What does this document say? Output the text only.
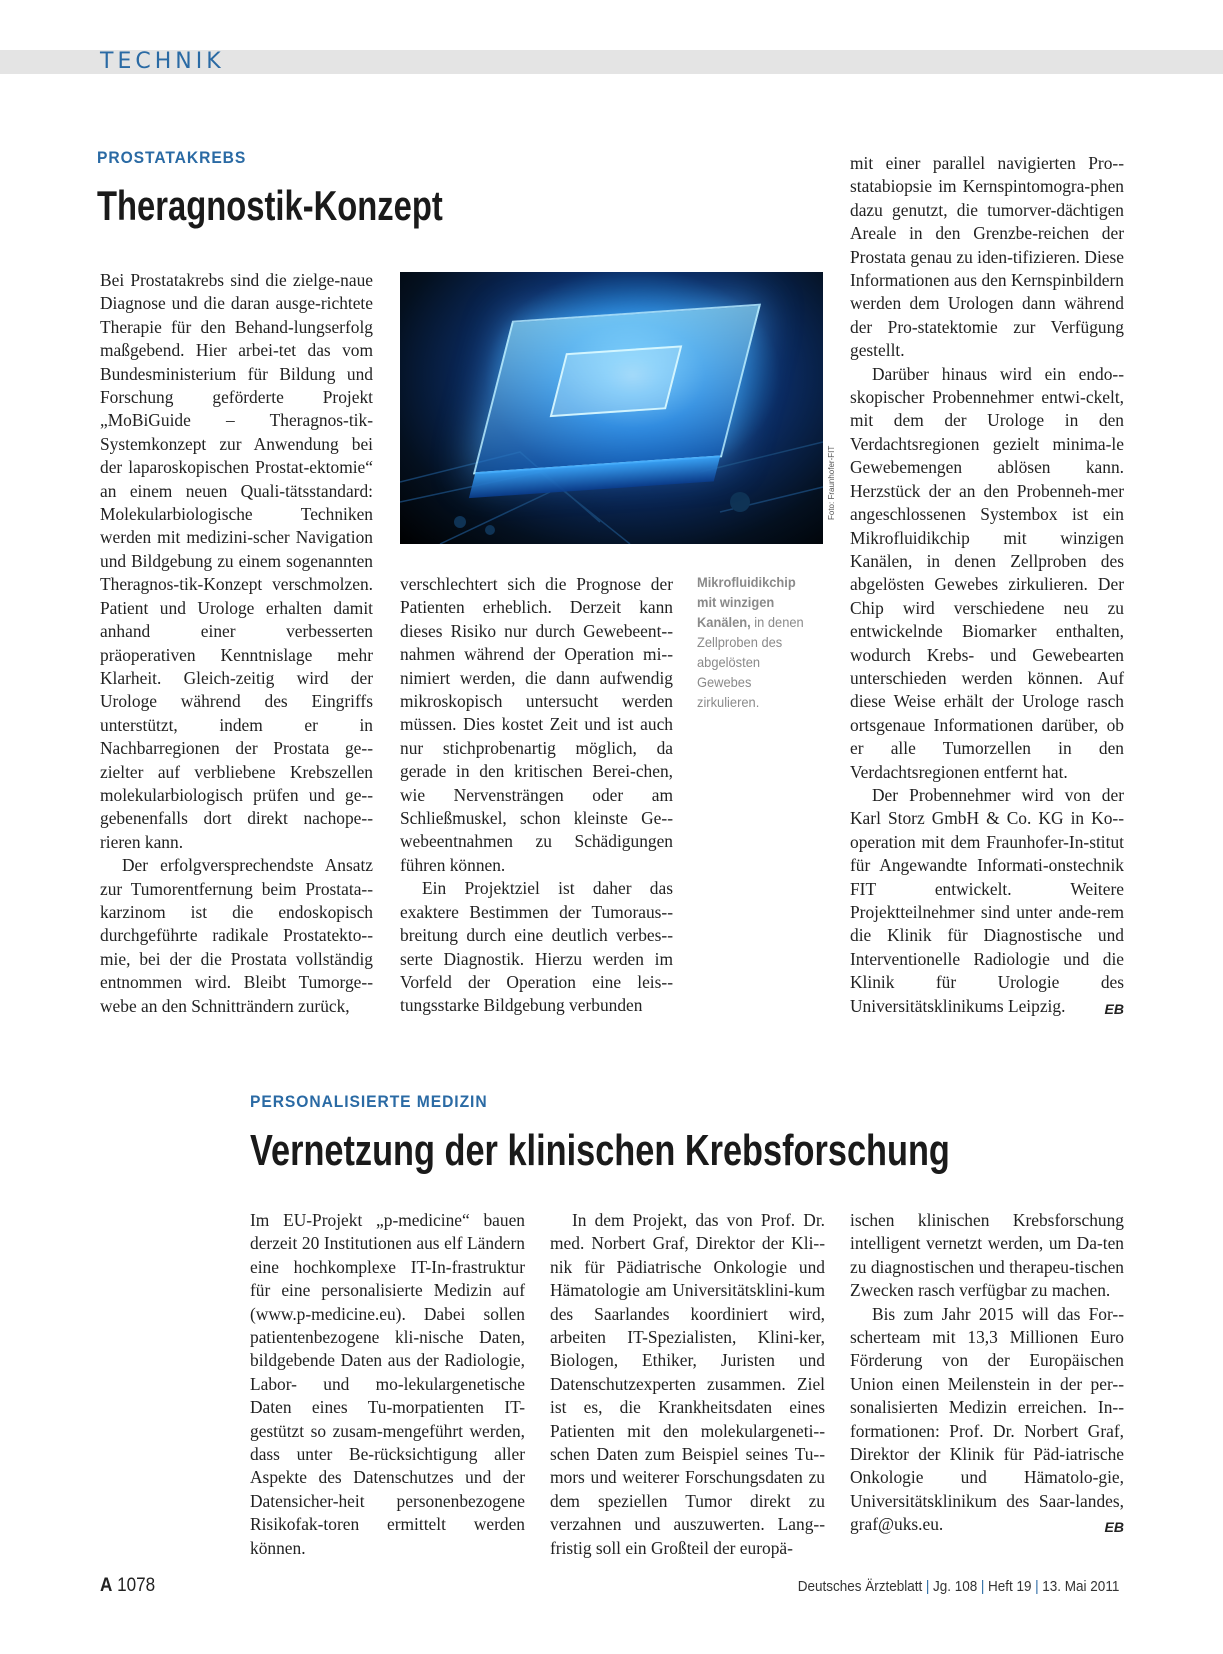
TECHNIK
PROSTATAKREBS
Theragnostik-Konzept

Bei Prostatakrebs sind die zielge-naue Diagnose und die daran ausge-richtete Therapie für den Behand-lungserfolg maßgebend. Hier arbei-tet das vom Bundesministerium für Bildung und Forschung geförderte Projekt „MoBiGuide – Theragnos-tik-Systemkonzept zur Anwendung bei der laparoskopischen Prostat-ektomie“ an einem neuen Quali-tätsstandard: Molekularbiologische Techniken werden mit medizini-scher Navigation und Bildgebung zu einem sogenannten Theragnos-tik-Konzept verschmolzen. Patient und Urologe erhalten damit anhand einer verbesserten präoperativen Kenntnislage mehr Klarheit. Gleich-zeitig wird der Urologe während des Eingriffs unterstützt, indem er in Nachbarregionen der Prostata ge-zielter auf verbliebene Krebszellen molekularbiologisch prüfen und ge-gebenenfalls dort direkt nachope-rieren kann.

Der erfolgversprechendste Ansatz zur Tumorentfernung beim Prostata-karzinom ist die endoskopisch durchgeführte radikale Prostatekto-mie, bei der die Prostata vollständig entnommen wird. Bleibt Tumorge-webe an den Schnitträndern zurück,

Foto: Fraunhofer-FIT

verschlechtert sich die Prognose der Patienten erheblich. Derzeit kann dieses Risiko nur durch Gewebeent-nahmen während der Operation mi-nimiert werden, die dann aufwendig mikroskopisch untersucht werden müssen. Dies kostet Zeit und ist auch nur stichprobenartig möglich, da gerade in den kritischen Berei-chen, wie Nervensträngen oder am Schließmuskel, schon kleinste Ge-webeentnahmen zu Schädigungen führen können.

Ein Projektziel ist daher das exaktere Bestimmen der Tumoraus-breitung durch eine deutlich verbes-serte Diagnostik. Hierzu werden im Vorfeld der Operation eine leis-tungsstarke Bildgebung verbunden

Mikrofluidikchip mit winzigen Kanälen, in denen Zellproben des abgelösten Gewebes zirkulieren.

mit einer parallel navigierten Pro-statabiopsie im Kernspintomogra-phen dazu genutzt, die tumorver-dächtigen Areale in den Grenzbe-reichen der Prostata genau zu iden-tifizieren. Diese Informationen aus den Kernspinbildern werden dem Urologen dann während der Pro-statektomie zur Verfügung gestellt.

Darüber hinaus wird ein endo-skopischer Probennehmer entwi-ckelt, mit dem der Urologe in den Verdachtsregionen gezielt minima-le Gewebemengen ablösen kann. Herzstück der an den Probenneh-mer angeschlossenen Systembox ist ein Mikrofluidikchip mit winzigen Kanälen, in denen Zellproben des abgelösten Gewebes zirkulieren. Der Chip wird verschiedene neu zu entwickelnde Biomarker enthalten, wodurch Krebs- und Gewebearten unterschieden werden können. Auf diese Weise erhält der Urologe rasch ortsgenaue Informationen darüber, ob er alle Tumorzellen in den Verdachtsregionen entfernt hat.

Der Probennehmer wird von der Karl Storz GmbH & Co. KG in Ko-operation mit dem Fraunhofer-In-stitut für Angewandte Informati-onstechnik FIT entwickelt. Weitere Projektteilnehmer sind unter ande-rem die Klinik für Diagnostische und Interventionelle Radiologie und die Klinik für Urologie des Universitätsklinikums Leipzig.	EB

PERSONALISIERTE MEDIZIN
Vernetzung der klinischen Krebsforschung

Im EU-Projekt „p-medicine“ bauen derzeit 20 Institutionen aus elf Ländern eine hochkomplexe IT-In-frastruktur für eine personalisierte Medizin auf (www.p-medicine.eu). Dabei sollen patientenbezogene kli-nische Daten, bildgebende Daten aus der Radiologie, Labor- und mo-lekulargenetische Daten eines Tu-morpatienten IT-gestützt so zusam-mengeführt werden, dass unter Be-rücksichtigung aller Aspekte des Datenschutzes und der Datensicher-heit personenbezogene Risikofak-toren ermittelt werden können.

In dem Projekt, das von Prof. Dr. med. Norbert Graf, Direktor der Kli-nik für Pädiatrische Onkologie und Hämatologie am Universitätsklini-kum des Saarlandes koordiniert wird, arbeiten IT-Spezialisten, Klini-ker, Biologen, Ethiker, Juristen und Datenschutzexperten zusammen. Ziel ist es, die Krankheitsdaten eines Patienten mit den molekulargeneti-schen Daten zum Beispiel seines Tu-mors und weiterer Forschungsdaten zu dem speziellen Tumor direkt zu verzahnen und auszuwerten. Lang-fristig soll ein Großteil der europä-

ischen klinischen Krebsforschung intelligent vernetzt werden, um Da-ten zu diagnostischen und therapeu-tischen Zwecken rasch verfügbar zu machen.

Bis zum Jahr 2015 will das For-scherteam mit 13,3 Millionen Euro Förderung von der Europäischen Union einen Meilenstein in der per-sonalisierten Medizin erreichen. In-formationen: Prof. Dr. Norbert Graf, Direktor der Klinik für Päd-iatrische Onkologie und Hämatolo-gie, Universitätsklinikum des Saar-landes, graf@uks.eu.	EB

A 1078	Deutsches Ärzteblatt | Jg. 108 | Heft 19 | 13. Mai 2011
